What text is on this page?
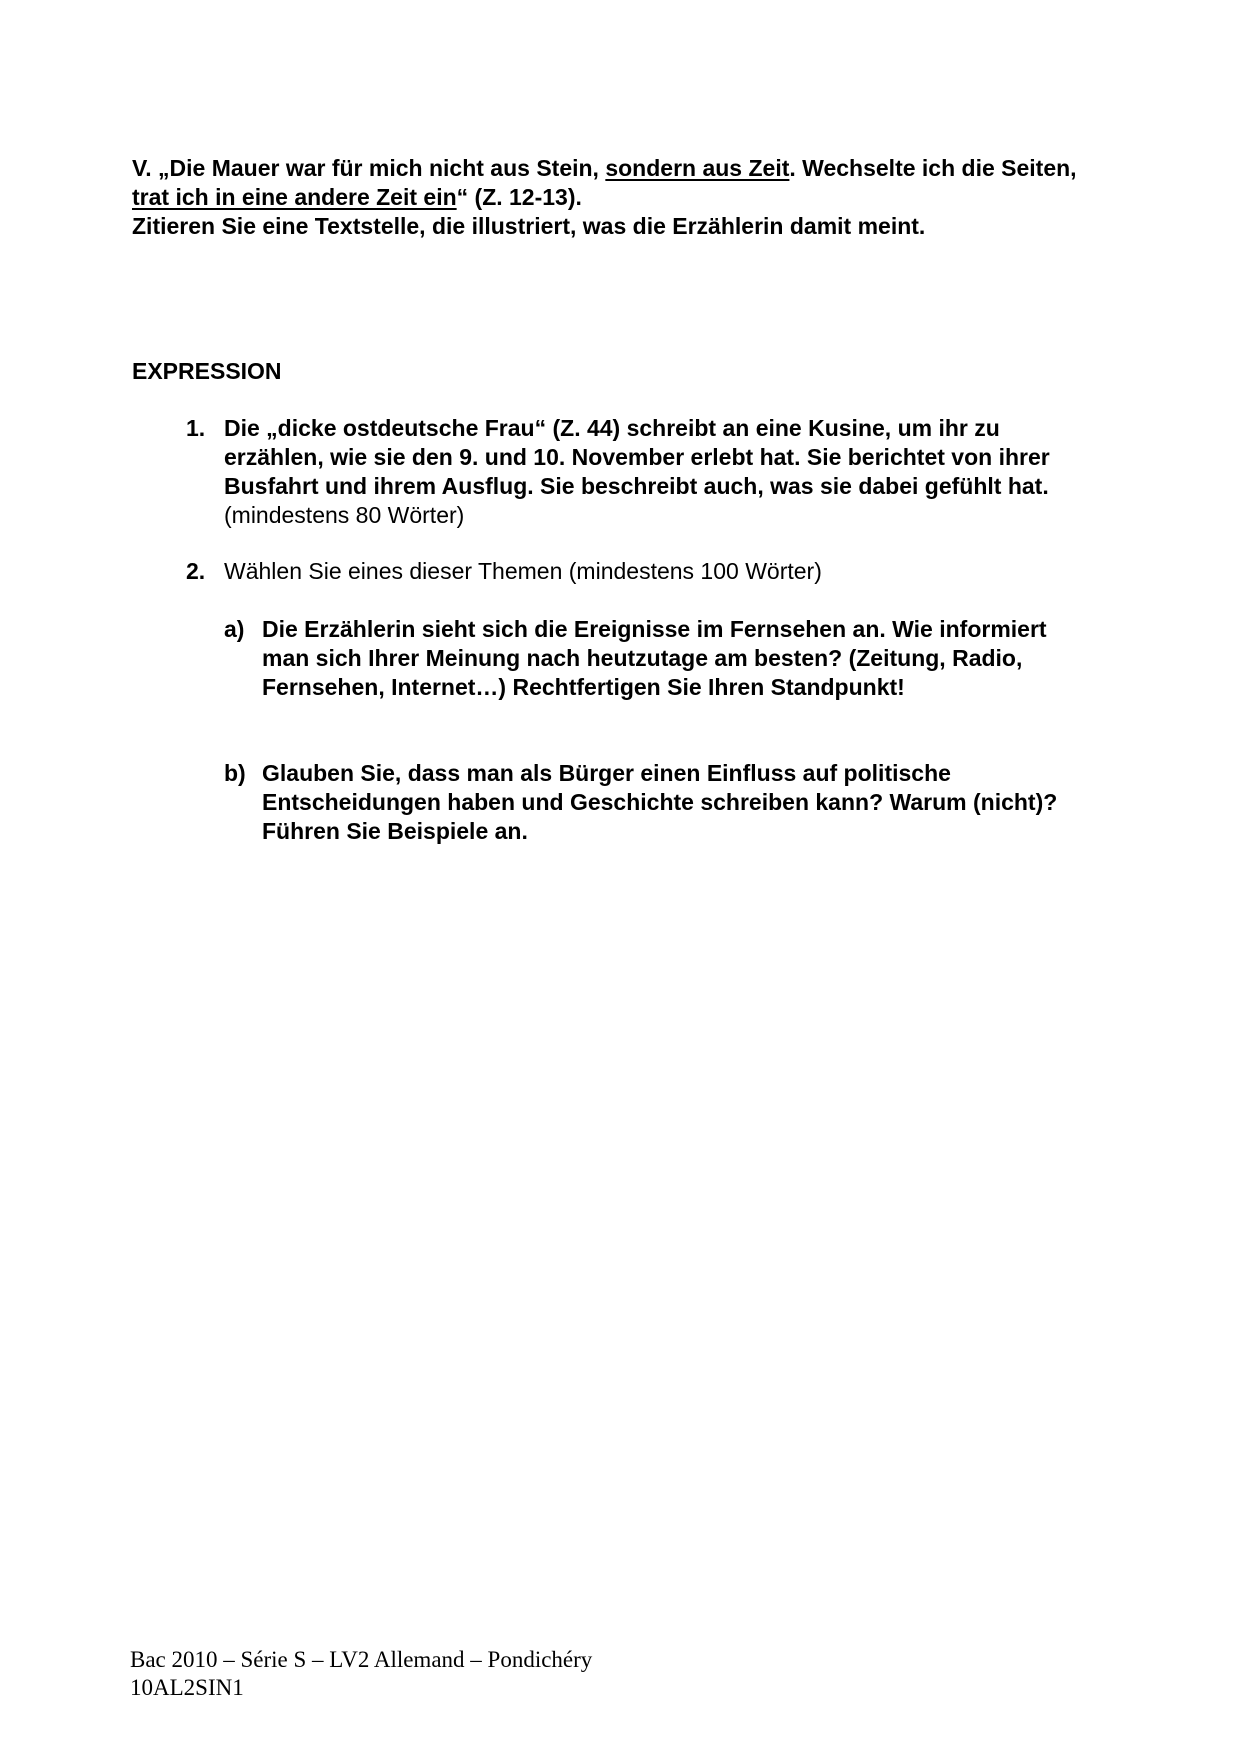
V. „Die Mauer war für mich nicht aus Stein, sondern aus Zeit. Wechselte ich die Seiten, trat ich in eine andere Zeit ein“ (Z. 12-13).
Zitieren Sie eine Textstelle, die illustriert, was die Erzählerin damit meint.
EXPRESSION
1. Die „dicke ostdeutsche Frau“ (Z. 44) schreibt an eine Kusine, um ihr zu erzählen, wie sie den 9. und 10. November erlebt hat. Sie berichtet von ihrer Busfahrt und ihrem Ausflug. Sie beschreibt auch, was sie dabei gefühlt hat. (mindestens 80 Wörter)
2. Wählen Sie eines dieser Themen (mindestens 100 Wörter)
a) Die Erzählerin sieht sich die Ereignisse im Fernsehen an. Wie informiert man sich Ihrer Meinung nach heutzutage am besten? (Zeitung, Radio, Fernsehen, Internet…) Rechtfertigen Sie Ihren Standpunkt!
b) Glauben Sie, dass man als Bürger einen Einfluss auf politische Entscheidungen haben und Geschichte schreiben kann? Warum (nicht)? Führen Sie Beispiele an.
Bac 2010 – Série S – LV2 Allemand – Pondichéry
10AL2SIN1
